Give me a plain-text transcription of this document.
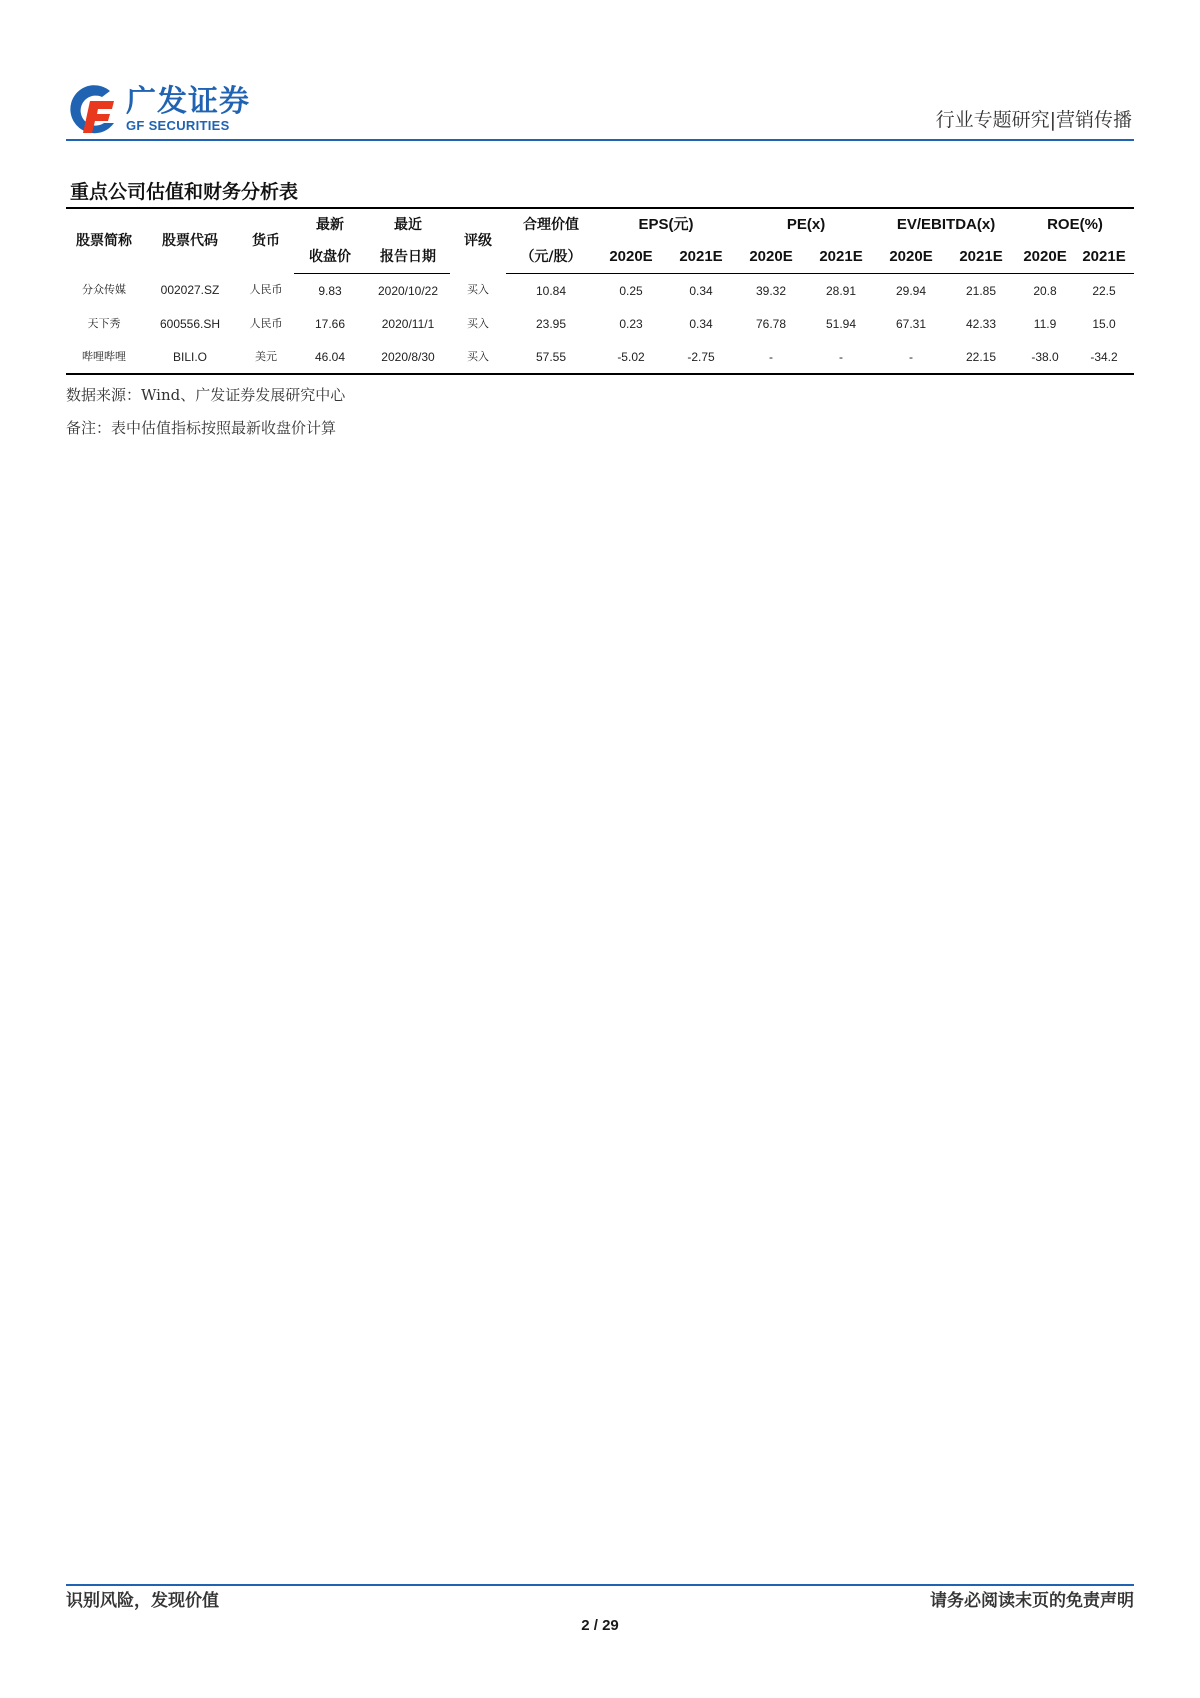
广发证券
GF SECURITIES	行业专题研究|营销传播
重点公司估值和财务分析表
股票简称	股票代码	货币	最新	最近	评级	合理价值	EPS(元)		PE(x)		EV/EBITDA(x)		ROE(%)	
			收盘价	报告日期		（元/股）	2020E	2021E	2020E	2021E	2020E	2021E	2020E	2021E
分众传媒	002027.SZ	人民币	9.83	2020/10/22	买入	10.84	0.25	0.34	39.32	28.91	29.94	21.85	20.8	22.5
天下秀	600556.SH	人民币	17.66	2020/11/1	买入	23.95	0.23	0.34	76.78	51.94	67.31	42.33	11.9	15.0
哔哩哔哩	BILI.O	美元	46.04	2020/8/30	买入	57.55	-5.02	-2.75	-	-	-	22.15	-38.0	-34.2
数据来源：Wind、广发证券发展研究中心
备注：表中估值指标按照最新收盘价计算
识别风险，发现价值	请务必阅读末页的免责声明
2 / 29
